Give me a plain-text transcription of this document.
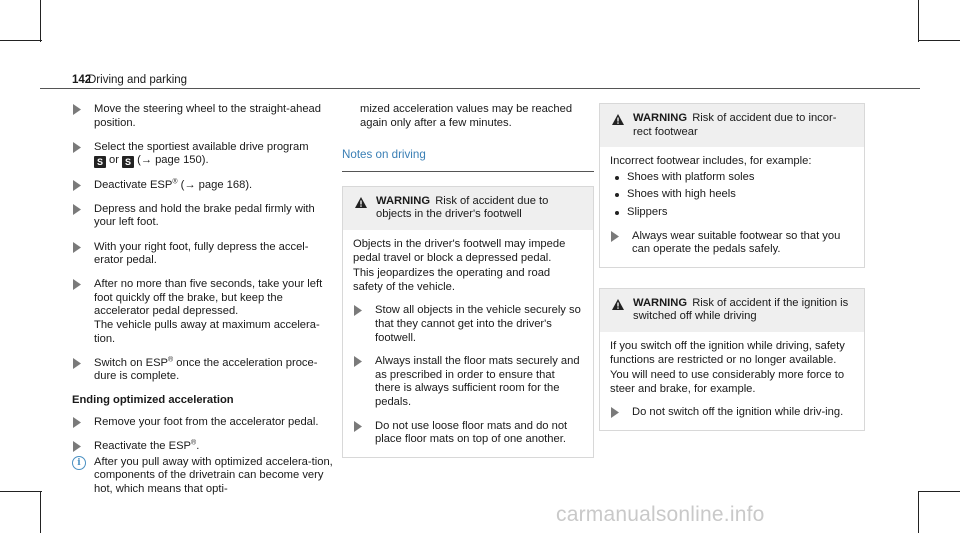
142
Driving and parking
Move the steering wheel to the straight-ahead position.
Select the sportiest available drive program
S or S (→ page 150).
Deactivate ESP® (→ page 168).
Depress and hold the brake pedal firmly with your left foot.
With your right foot, fully depress the accel-erator pedal.
After no more than five seconds, take your left foot quickly off the brake, but keep the accelerator pedal depressed.
The vehicle pulls away at maximum accelera-tion.
Switch on ESP® once the acceleration proce-dure is complete.
Ending optimized acceleration
Remove your foot from the accelerator pedal.
Reactivate the ESP®.
i	After you pull away with optimized accelera-tion, components of the drivetrain can become very hot, which means that opti-
mized acceleration values may be reached again only after a few minutes.
Notes on driving
WARNING Risk of accident due to objects in the driver's footwell

Objects in the driver's footwell may impede pedal travel or block a depressed pedal.

This jeopardizes the operating and road safety of the vehicle.

Stow all objects in the vehicle securely so that they cannot get into the driver's footwell.
Always install the floor mats securely and as prescribed in order to ensure that there is always sufficient room for the pedals.
Do not use loose floor mats and do not place floor mats on top of one another.
WARNING Risk of accident due to incor-rect footwear

Incorrect footwear includes, for example:

Shoes with platform soles
Shoes with high heels
Slippers
Always wear suitable footwear so that you can operate the pedals safely.
WARNING Risk of accident if the ignition is switched off while driving

If you switch off the ignition while driving, safety functions are restricted or no longer available.

You will need to use considerably more force to steer and brake, for example.

Do not switch off the ignition while driv-ing.
carmanualsonline.info
